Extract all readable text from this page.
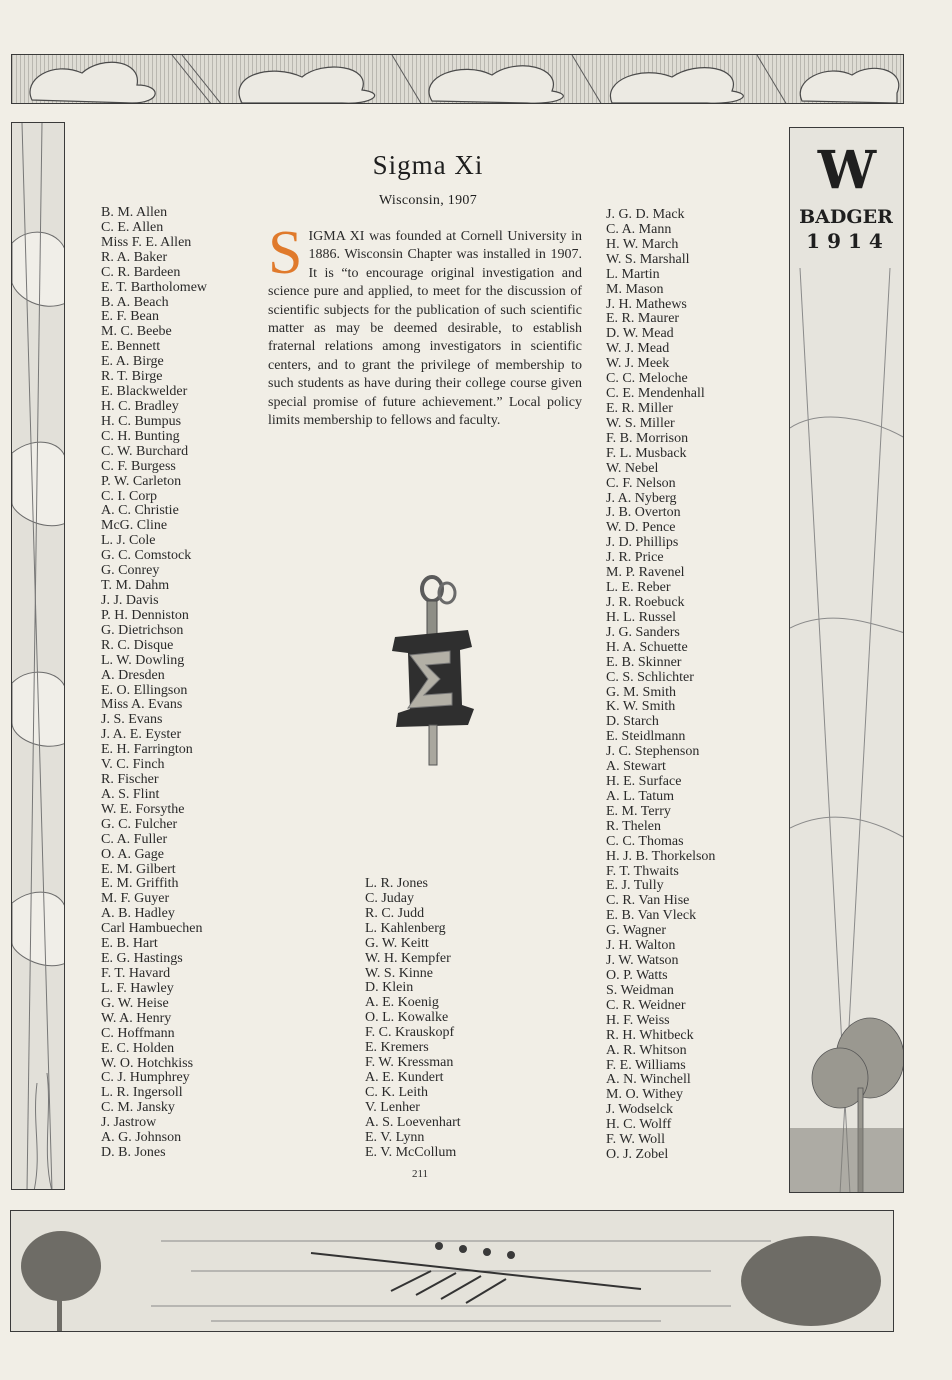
W
BADGER
1914
Sigma Xi
Wisconsin, 1907
SIGMA XI was founded at Cornell University in 1886. Wisconsin Chapter was installed in 1907. It is “to encourage original investigation and science pure and applied, to meet for the discussion of scientific subjects for the publication of such scientific matter as may be deemed desirable, to establish fraternal relations among investigators in scientific centers, and to grant the privilege of membership to such students as have during their college course given special promise of future achievement.” Local policy limits membership to fellows and faculty.
B. M. Allen
C. E. Allen
Miss F. E. Allen
R. A. Baker
C. R. Bardeen
E. T. Bartholomew
B. A. Beach
E. F. Bean
M. C. Beebe
E. Bennett
E. A. Birge
R. T. Birge
E. Blackwelder
H. C. Bradley
H. C. Bumpus
C. H. Bunting
C. W. Burchard
C. F. Burgess
P. W. Carleton
C. I. Corp
A. C. Christie
McG. Cline
L. J. Cole
G. C. Comstock
G. Conrey
T. M. Dahm
J. J. Davis
P. H. Denniston
G. Dietrichson
R. C. Disque
L. W. Dowling
A. Dresden
E. O. Ellingson
Miss A. Evans
J. S. Evans
J. A. E. Eyster
E. H. Farrington
V. C. Finch
R. Fischer
A. S. Flint
W. E. Forsythe
G. C. Fulcher
C. A. Fuller
O. A. Gage
E. M. Gilbert
E. M. Griffith
M. F. Guyer
A. B. Hadley
Carl Hambuechen
E. B. Hart
E. G. Hastings
F. T. Havard
L. F. Hawley
G. W. Heise
W. A. Henry
C. Hoffmann
E. C. Holden
W. O. Hotchkiss
C. J. Humphrey
L. R. Ingersoll
C. M. Jansky
J. Jastrow
A. G. Johnson
D. B. Jones
L. R. Jones
C. Juday
R. C. Judd
L. Kahlenberg
G. W. Keitt
W. H. Kempfer
W. S. Kinne
D. Klein
A. E. Koenig
O. L. Kowalke
F. C. Krauskopf
E. Kremers
F. W. Kressman
A. E. Kundert
C. K. Leith
V. Lenher
A. S. Loevenhart
E. V. Lynn
E. V. McCollum
J. G. D. Mack
C. A. Mann
H. W. March
W. S. Marshall
L. Martin
M. Mason
J. H. Mathews
E. R. Maurer
D. W. Mead
W. J. Mead
W. J. Meek
C. C. Meloche
C. E. Mendenhall
E. R. Miller
W. S. Miller
F. B. Morrison
F. L. Musback
W. Nebel
C. F. Nelson
J. A. Nyberg
J. B. Overton
W. D. Pence
J. D. Phillips
J. R. Price
M. P. Ravenel
L. E. Reber
J. R. Roebuck
H. L. Russel
J. G. Sanders
H. A. Schuette
E. B. Skinner
C. S. Schlichter
G. M. Smith
K. W. Smith
D. Starch
E. Steidlmann
J. C. Stephenson
A. Stewart
H. E. Surface
A. L. Tatum
E. M. Terry
R. Thelen
C. C. Thomas
H. J. B. Thorkelson
F. T. Thwaits
E. J. Tully
C. R. Van Hise
E. B. Van Vleck
G. Wagner
J. H. Walton
J. W. Watson
O. P. Watts
S. Weidman
C. R. Weidner
H. F. Weiss
R. H. Whitbeck
A. R. Whitson
F. E. Williams
A. N. Winchell
M. O. Withey
J. Wodselck
H. C. Wolff
F. W. Woll
O. J. Zobel
211
